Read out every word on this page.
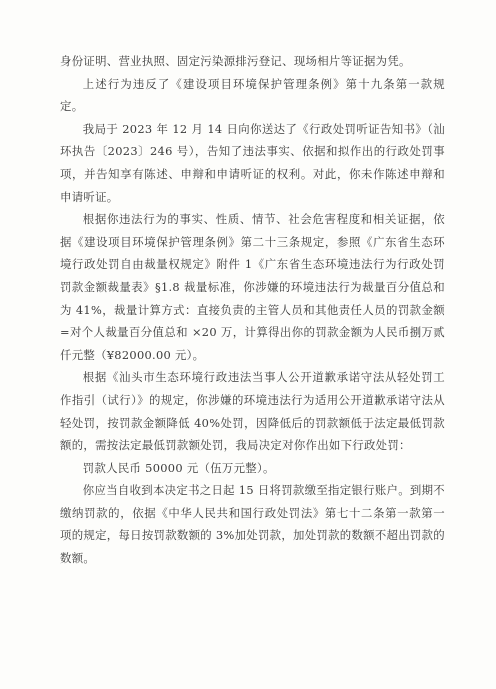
身份证明、营业执照、固定污染源排污登记、现场相片等证据为凭。

上述行为违反了《建设项目环境保护管理条例》第十九条第一款规定。

我局于 2023 年 12 月 14 日向你送达了《行政处罚听证告知书》（汕环执告〔2023〕246 号），告知了违法事实、依据和拟作出的行政处罚事项，并告知享有陈述、申辩和申请听证的权利。对此，你未作陈述申辩和申请听证。

根据你违法行为的事实、性质、情节、社会危害程度和相关证据，依据《建设项目环境保护管理条例》第二十三条规定，参照《广东省生态环境行政处罚自由裁量权规定》附件 1《广东省生态环境违法行为行政处罚罚款金额裁量表》§1.8 裁量标准，你涉嫌的环境违法行为裁量百分值总和为 41%，裁量计算方式：直接负责的主管人员和其他责任人员的罚款金额=对个人裁量百分值总和 ×20 万，计算得出你的罚款金额为人民币捌万贰仟元整（¥82000.00 元）。

根据《汕头市生态环境行政违法当事人公开道歉承诺守法从轻处罚工作指引（试行）》的规定，你涉嫌的环境违法行为适用公开道歉承诺守法从轻处罚，按罚款金额降低 40%处罚，因降低后的罚款额低于法定最低罚款额的，需按法定最低罚款额处罚，我局决定对你作出如下行政处罚：

罚款人民币 50000 元（伍万元整）。

你应当自收到本决定书之日起 15 日将罚款缴至指定银行账户。到期不缴纳罚款的，依据《中华人民共和国行政处罚法》第七十二条第一款第一项的规定，每日按罚款数额的 3%加处罚款，加处罚款的数额不超出罚款的数额。
